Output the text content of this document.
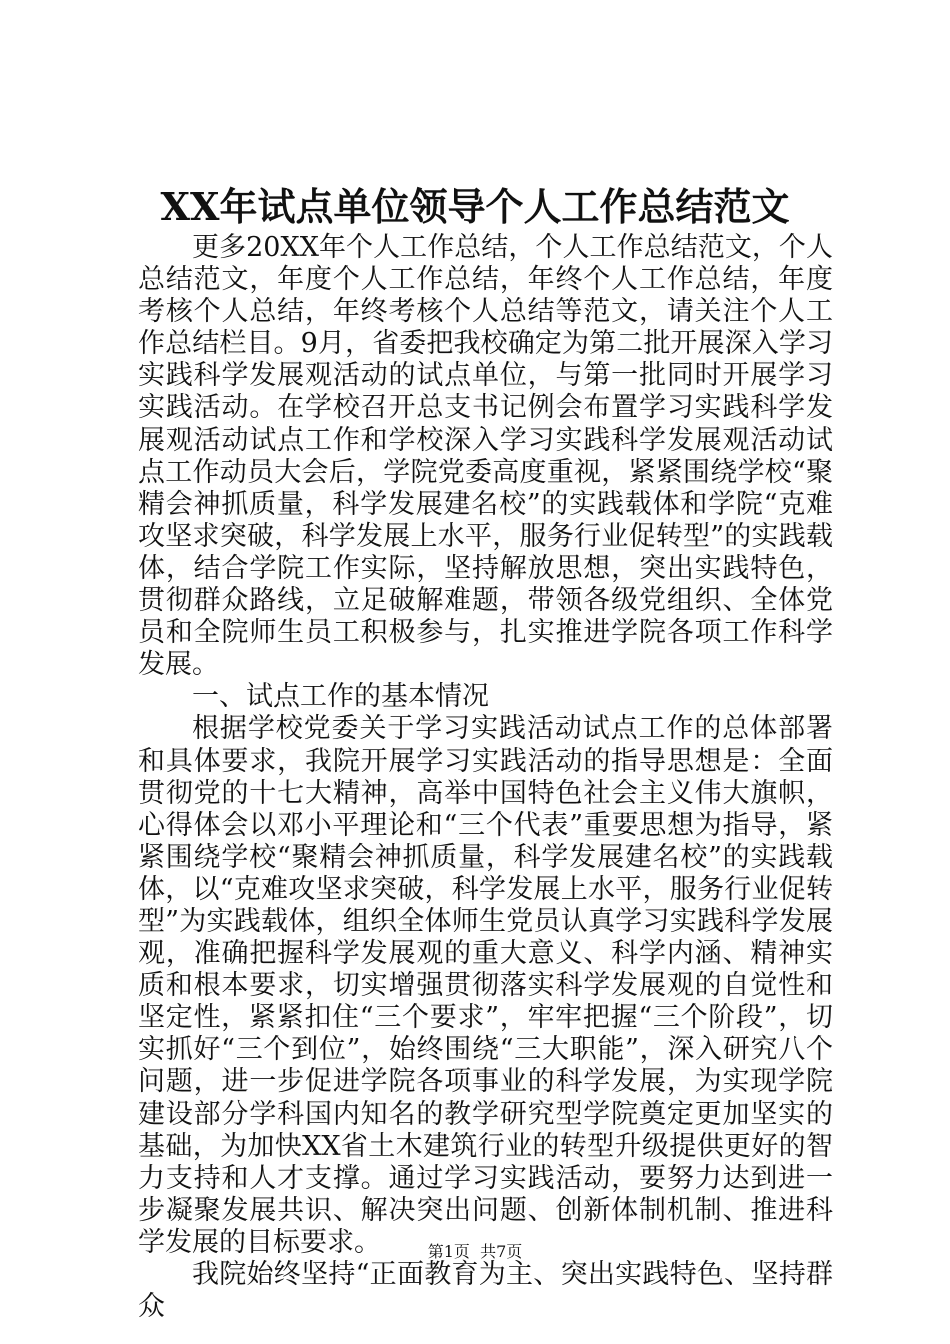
XX年试点单位领导个人工作总结范文

更多20XX年个人工作总结，个人工作总结范文，个人总结范文，年度个人工作总结，年终个人工作总结，年度考核个人总结，年终考核个人总结等范文，请关注个人工作总结栏目。9月，省委把我校确定为第二批开展深入学习实践科学发展观活动的试点单位，与第一批同时开展学习实践活动。在学校召开总支书记例会布置学习实践科学发展观活动试点工作和学校深入学习实践科学发展观活动试点工作动员大会后，学院党委高度重视，紧紧围绕学校“聚精会神抓质量，科学发展建名校”的实践载体和学院“克难攻坚求突破，科学发展上水平，服务行业促转型”的实践载体，结合学院工作实际，坚持解放思想，突出实践特色，贯彻群众路线，立足破解难题，带领各级党组织、全体党员和全院师生员工积极参与，扎实推进学院各项工作科学发展。

一、试点工作的基本情况

根据学校党委关于学习实践活动试点工作的总体部署和具体要求，我院开展学习实践活动的指导思想是：全面贯彻党的十七大精神，高举中国特色社会主义伟大旗帜，心得体会以邓小平理论和“三个代表”重要思想为指导，紧紧围绕学校“聚精会神抓质量，科学发展建名校”的实践载体，以“克难攻坚求突破，科学发展上水平，服务行业促转型”为实践载体，组织全体师生党员认真学习实践科学发展观，准确把握科学发展观的重大意义、科学内涵、精神实质和根本要求，切实增强贯彻落实科学发展观的自觉性和坚定性，紧紧扣住“三个要求”，牢牢把握“三个阶段”，切实抓好“三个到位”，始终围绕“三大职能”，深入研究八个问题，进一步促进学院各项事业的科学发展，为实现学院建设部分学科国内知名的教学研究型学院奠定更加坚实的基础，为加快XX省土木建筑行业的转型升级提供更好的智力支持和人才支撑。通过学习实践活动，要努力达到进一步凝聚发展共识、解决突出问题、创新体制机制、推进科学发展的目标要求。

我院始终坚持“正面教育为主、突出实践特色、坚持群众

第1页  共7页
